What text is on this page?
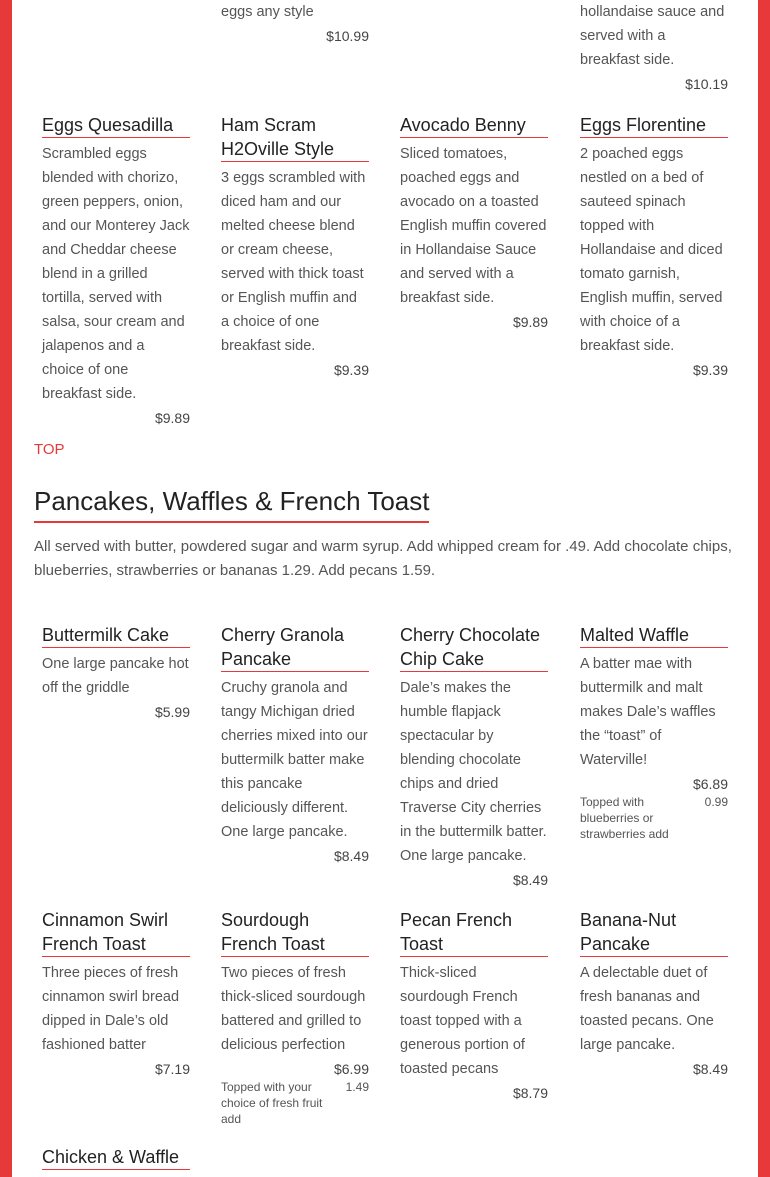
eggs any style
$10.99
hollandaise sauce and served with a breakfast side.
$10.19
Eggs Quesadilla
Scrambled eggs blended with chorizo, green peppers, onion, and our Monterey Jack and Cheddar cheese blend in a grilled tortilla, served with salsa, sour cream and jalapenos and a choice of one breakfast side.
$9.89
Ham Scram H2Oville Style
3 eggs scrambled with diced ham and our melted cheese blend or cream cheese, served with thick toast or English muffin and a choice of one breakfast side.
$9.39
Avocado Benny
Sliced tomatoes, poached eggs and avocado on a toasted English muffin covered in Hollandaise Sauce and served with a breakfast side.
$9.89
Eggs Florentine
2 poached eggs nestled on a bed of sauteed spinach topped with Hollandaise and diced tomato garnish, English muffin, served with choice of a breakfast side.
$9.39
TOP
Pancakes, Waffles & French Toast
All served with butter, powdered sugar and warm syrup. Add whipped cream for .49. Add chocolate chips, blueberries, strawberries or bananas 1.29. Add pecans 1.59.
Buttermilk Cake
One large pancake hot off the griddle
$5.99
Cherry Granola Pancake
Cruchy granola and tangy Michigan dried cherries mixed into our buttermilk batter make this pancake deliciously different. One large pancake.
$8.49
Cherry Chocolate Chip Cake
Dale’s makes the humble flapjack spectacular by blending chocolate chips and dried Traverse City cherries in the buttermilk batter. One large pancake.
$8.49
Malted Waffle
A batter mae with buttermilk and malt makes Dale’s waffles the “toast” of Waterville!
$6.89
Topped with blueberries or strawberries add
0.99
Cinnamon Swirl French Toast
Three pieces of fresh cinnamon swirl bread dipped in Dale’s old fashioned batter
$7.19
Sourdough French Toast
Two pieces of fresh thick-sliced sourdough battered and grilled to delicious perfection
$6.99
Topped with your choice of fresh fruit add
1.49
Pecan French Toast
Thick-sliced sourdough French toast topped with a generous portion of toasted pecans
$8.79
Banana-Nut Pancake
A delectable duet of fresh bananas and toasted pecans. One large pancake.
$8.49
Chicken & Waffle
